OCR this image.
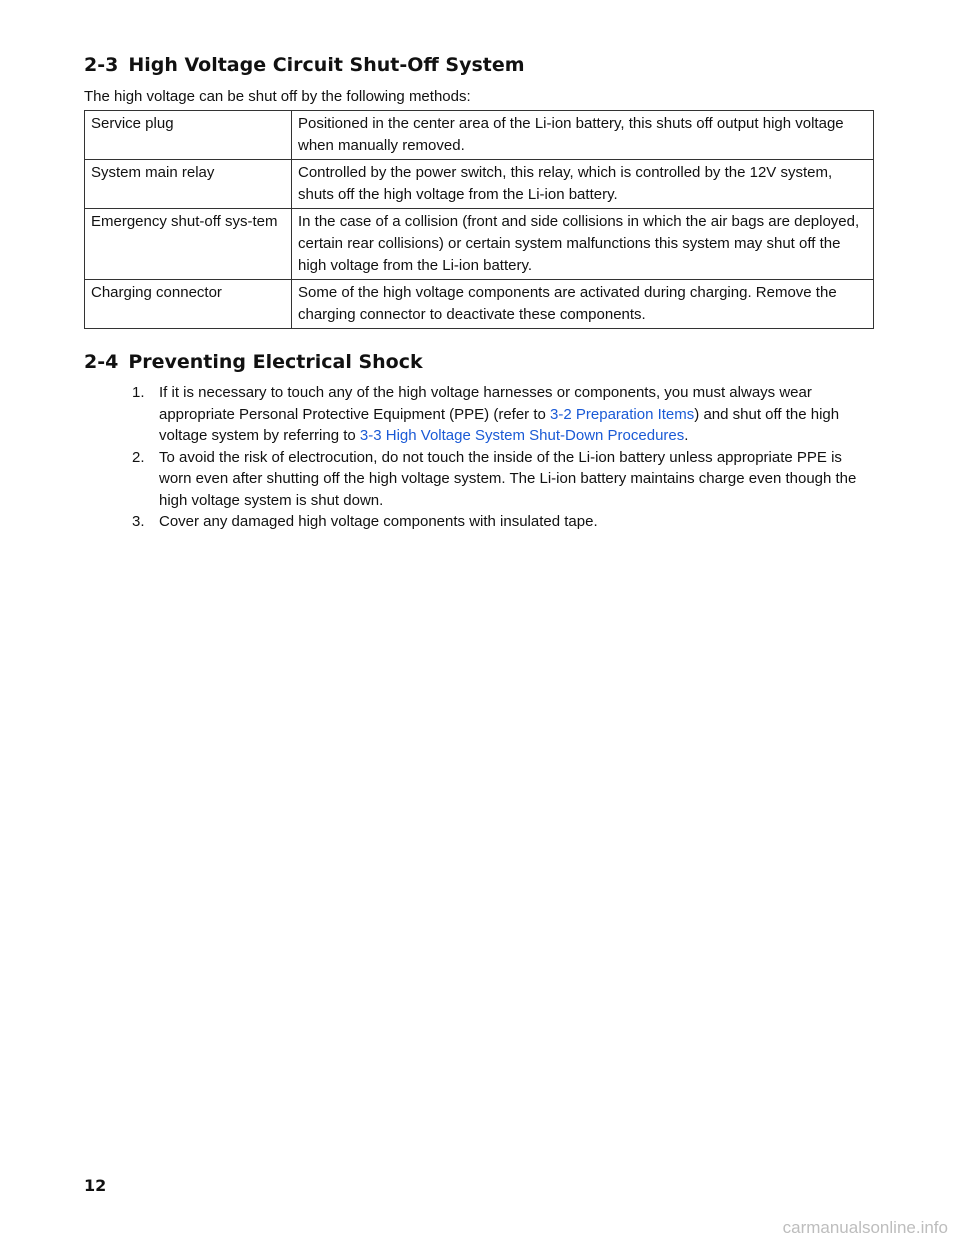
2-3 High Voltage Circuit Shut-Off System

The high voltage can be shut off by the following methods:

Service plug	Positioned in the center area of the Li-ion battery, this shuts off output high voltage when manually removed.
System main relay	Controlled by the power switch, this relay, which is controlled by the 12V system, shuts off the high voltage from the Li-ion battery.
Emergency shut-off sys-tem	In the case of a collision (front and side collisions in which the air bags are deployed, certain rear collisions) or certain system malfunctions this system may shut off the high voltage from the Li-ion battery.
Charging connector	Some of the high voltage components are activated during charging. Remove the charging connector to deactivate these components.
2-4 Preventing Electrical Shock
1. If it is necessary to touch any of the high voltage harnesses or components, you must always wear appropriate Personal Protective Equipment (PPE) (refer to 3-2 Preparation Items) and shut off the high voltage system by referring to 3-3 High Voltage System Shut-Down Procedures.
2. To avoid the risk of electrocution, do not touch the inside of the Li-ion battery unless appropriate PPE is worn even after shutting off the high voltage system. The Li-ion battery maintains charge even though the high voltage system is shut down.
3. Cover any damaged high voltage components with insulated tape.

12

carmanualsonline.info
